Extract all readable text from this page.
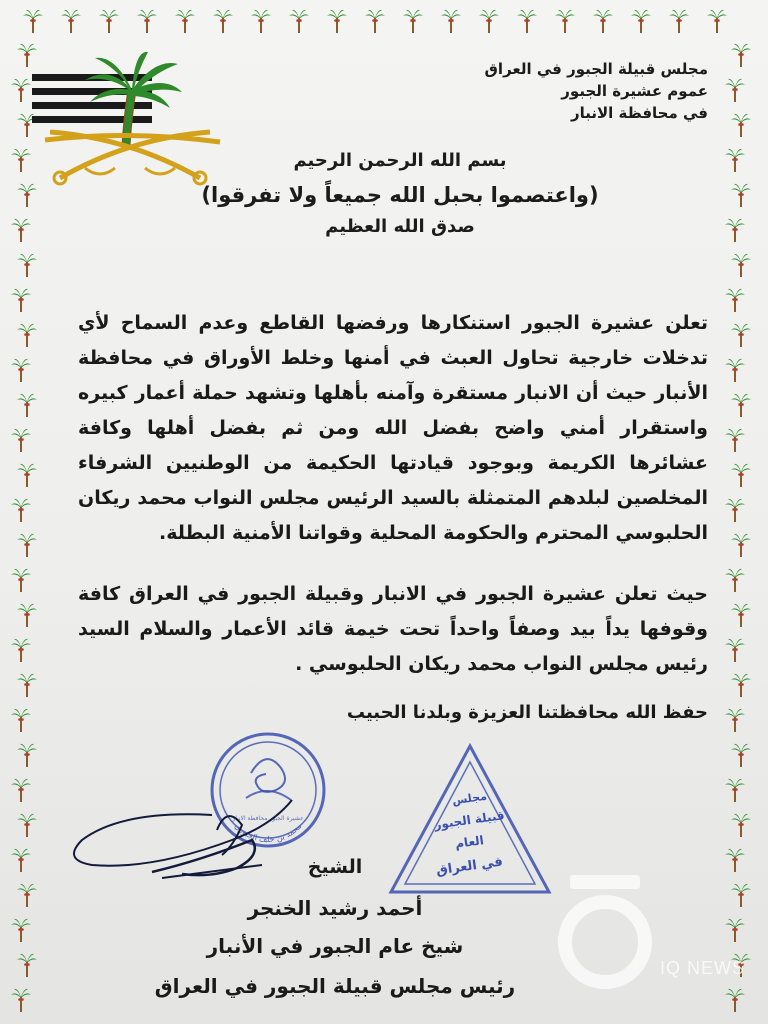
مجلس قبيلة الجبور في العراق
عموم عشيرة الجبور
في محافظة الانبار
بسم الله الرحمن الرحيم
(واعتصموا بحبل الله جميعاً ولا تفرقوا)
صدق الله العظيم
تعلن عشيرة الجبور استنكارها ورفضها القاطع وعدم السماح لأي تدخلات خارجية تحاول العبث في أمنها وخلط الأوراق في محافظة الأنبار حيث أن الانبار مستقرة وآمنه بأهلها وتشهد حملة أعمار كبيره واستقرار أمني واضح بفضل الله ومن ثم بفضل أهلها وكافة عشائرها الكريمة وبوجود قيادتها الحكيمة من الوطنيين الشرفاء المخلصين لبلدهم المتمثلة بالسيد الرئيس مجلس النواب محمد ريكان الحلبوسي المحترم والحكومة المحلية وقواتنا الأمنية البطلة.
حيث تعلن عشيرة الجبور في الانبار وقبيلة الجبور في العراق كافة وقوفها يداً بيد وصفاً واحداً تحت خيمة قائد الأعمار والسلام السيد رئيس مجلس النواب محمد ريكان الحلبوسي .
حفظ الله محافظتنا العزيزة وبلدنا الحبيب
محمد بن خلف الجبوري
عشيرة الجبور محافظة الانبار
مجلس
قبيلة الجبور
العام
في العراق
الشيخ
أحمد رشيد الخنجر
شيخ عام الجبور في الأنبار
رئيس مجلس قبيلة الجبور في العراق
IQ NEWS
